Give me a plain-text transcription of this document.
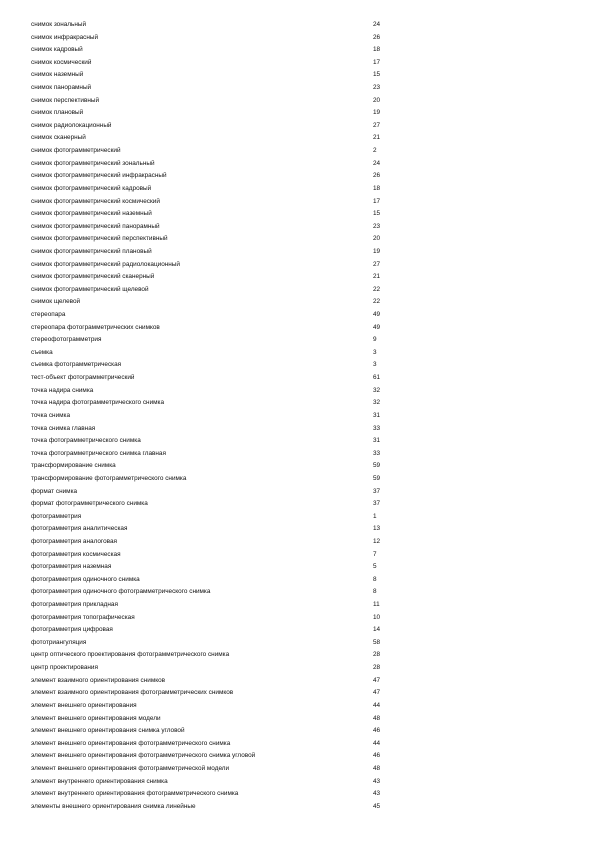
снимок зональный	24
снимок инфракрасный	26
снимок кадровый	18
снимок космический	17
снимок наземный	15
снимок панорамный	23
снимок перспективный	20
снимок плановый	19
снимок радиолокационный	27
снимок сканерный	21
снимок фотограмметрический	2
снимок фотограмметрический зональный	24
снимок фотограмметрический инфракрасный	26
снимок фотограмметрический кадровый	18
снимок фотограмметрический космический	17
снимок фотограмметрический наземный	15
снимок фотограмметрический панорамный	23
снимок фотограмметрический перспективный	20
снимок фотограмметрический плановый	19
снимок фотограмметрический радиолокационный	27
снимок фотограмметрический сканерный	21
снимок фотограмметрический щелевой	22
снимок щелевой	22
стереопара	49
стереопара фотограмметрических снимков	49
стереофотограмметрия	9
съемка	3
съемка фотограмметрическая	3
тест-объект фотограмметрический	61
точка надира снимка	32
точка надира фотограмметрического снимка	32
точка снимка	31
точка снимка главная	33
точка фотограмметрического снимка	31
точка фотограмметрического снимка главная	33
трансформирование снимка	59
трансформирование фотограмметрического снимка	59
формат снимка	37
формат фотограмметрического снимка	37
фотограмметрия	1
фотограмметрия аналитическая	13
фотограмметрия аналоговая	12
фотограмметрия космическая	7
фотограмметрия наземная	5
фотограмметрия одиночного снимка	8
фотограмметрия одиночного фотограмметрического снимка	8
фотограмметрия прикладная	11
фотограмметрия топографическая	10
фотограмметрия цифровая	14
фототриангуляция	58
центр оптического проектирования фотограмметрического снимка	28
центр проектирования	28
элемент взаимного ориентирования снимков	47
элемент взаимного ориентирования фотограмметрических снимков	47
элемент внешнего ориентирования	44
элемент внешнего ориентирования модели	48
элемент внешнего ориентирования снимка угловой	46
элемент внешнего ориентирования фотограмметрического снимка	44
элемент внешнего ориентирования фотограмметрического снимка угловой	46
элемент внешнего ориентирования фотограмметрической модели	48
элемент внутреннего ориентирования снимка	43
элемент внутреннего ориентирования фотограмметрического снимка	43
элементы внешнего ориентирования снимка линейные	45
